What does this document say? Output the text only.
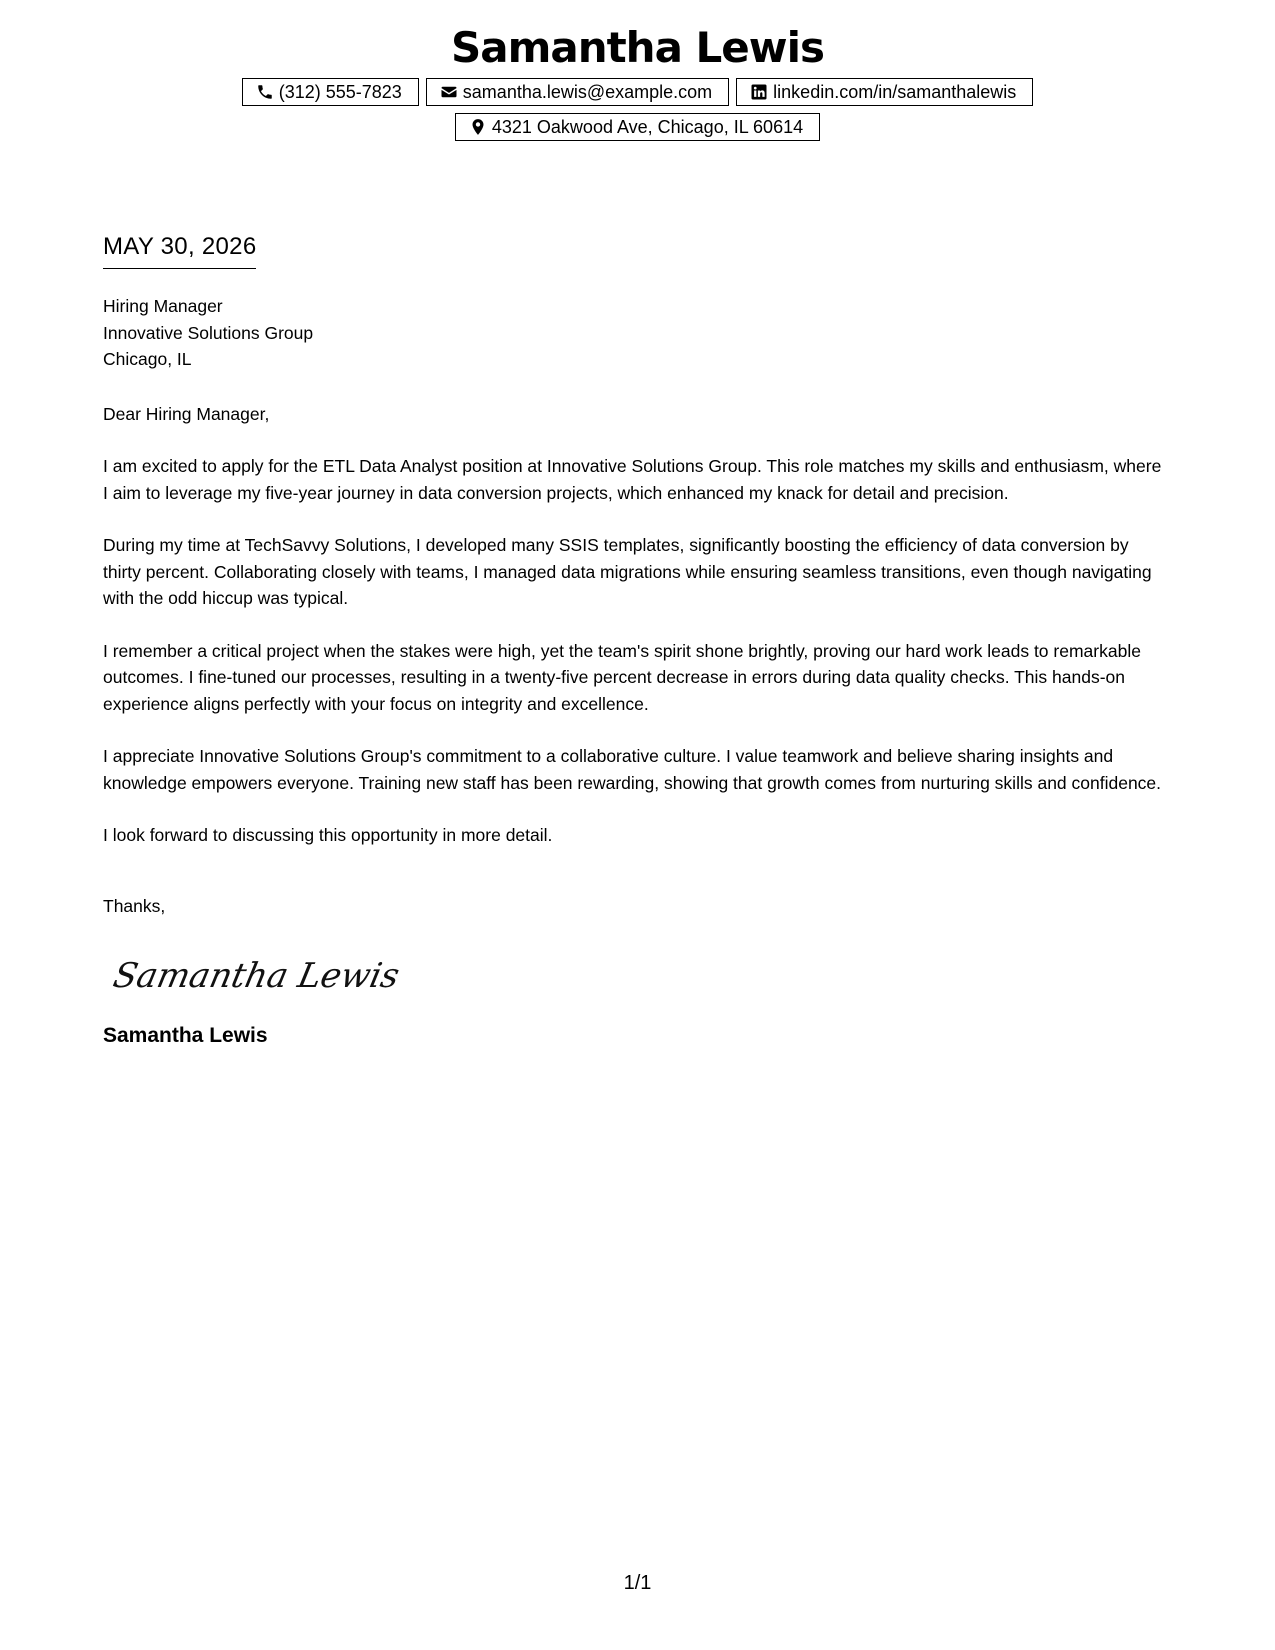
Samantha Lewis
(312) 555-7823	samantha.lewis@example.com	linkedin.com/in/samanthalewis
4321 Oakwood Ave, Chicago, IL 60614
MAY 30, 2026
Hiring Manager
Innovative Solutions Group
Chicago, IL
Dear Hiring Manager,

I am excited to apply for the ETL Data Analyst position at Innovative Solutions Group. This role matches my skills and enthusiasm, where I aim to leverage my five-year journey in data conversion projects, which enhanced my knack for detail and precision.

During my time at TechSavvy Solutions, I developed many SSIS templates, significantly boosting the efficiency of data conversion by thirty percent. Collaborating closely with teams, I managed data migrations while ensuring seamless transitions, even though navigating with the odd hiccup was typical.

I remember a critical project when the stakes were high, yet the team's spirit shone brightly, proving our hard work leads to remarkable outcomes. I fine-tuned our processes, resulting in a twenty-five percent decrease in errors during data quality checks. This hands-on experience aligns perfectly with your focus on integrity and excellence.

I appreciate Innovative Solutions Group's commitment to a collaborative culture. I value teamwork and believe sharing insights and knowledge empowers everyone. Training new staff has been rewarding, showing that growth comes from nurturing skills and confidence.

I look forward to discussing this opportunity in more detail.

Thanks,
Samantha Lewis
Samantha Lewis
1/1
